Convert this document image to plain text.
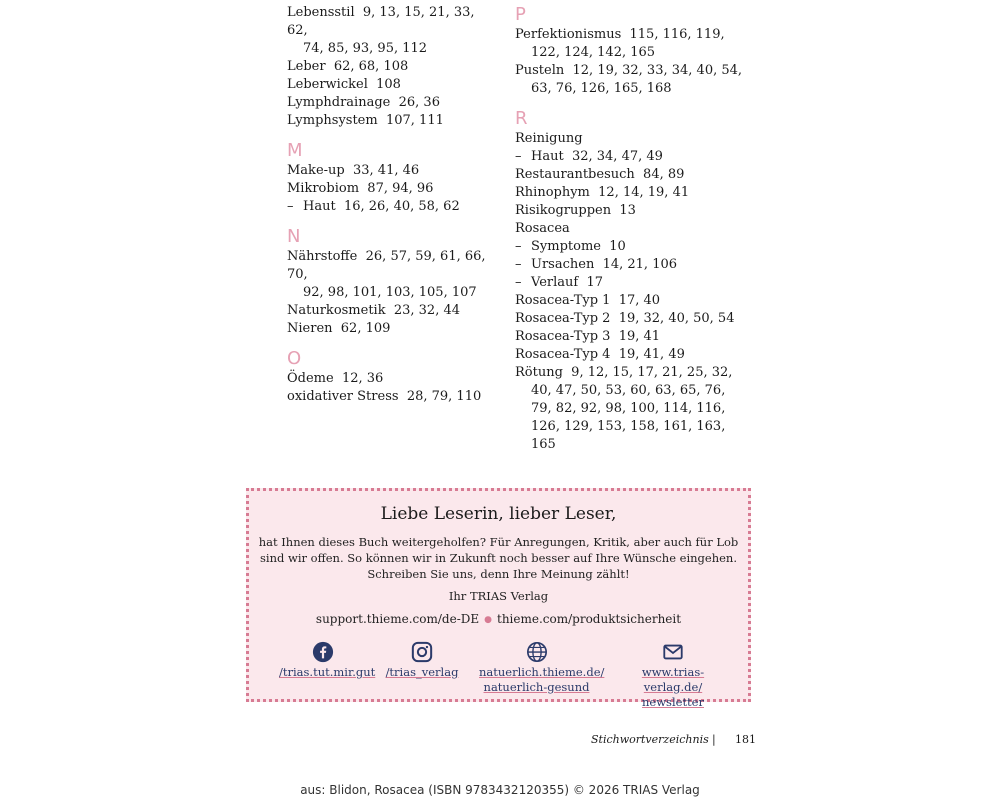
Lebensstil 9, 13, 15, 21, 33, 62,
74, 85, 93, 95, 112
Leber 62, 68, 108
Leberwickel 108
Lymphdrainage 26, 36
Lymphsystem 107, 111
M
Make-up 33, 41, 46
Mikrobiom 87, 94, 96
– Haut 16, 26, 40, 58, 62
N
Nährstoffe 26, 57, 59, 61, 66, 70,
92, 98, 101, 103, 105, 107
Naturkosmetik 23, 32, 44
Nieren 62, 109
O
Ödeme 12, 36
oxidativer Stress 28, 79, 110
P
Perfektionismus 115, 116, 119,
122, 124, 142, 165
Pusteln 12, 19, 32, 33, 34, 40, 54,
63, 76, 126, 165, 168
R
Reinigung
– Haut 32, 34, 47, 49
Restaurantbesuch 84, 89
Rhinophym 12, 14, 19, 41
Risikogruppen 13
Rosacea
– Symptome 10
– Ursachen 14, 21, 106
– Verlauf 17
Rosacea-Typ 1 17, 40
Rosacea-Typ 2 19, 32, 40, 50, 54
Rosacea-Typ 3 19, 41
Rosacea-Typ 4 19, 41, 49
Rötung 9, 12, 15, 17, 21, 25, 32,
40, 47, 50, 53, 60, 63, 65, 76,
79, 82, 92, 98, 100, 114, 116,
126, 129, 153, 158, 161, 163,
165
Liebe Leserin, lieber Leser,
hat Ihnen dieses Buch weitergeholfen? Für Anregungen, Kritik, aber auch für Lob
sind wir offen. So können wir in Zukunft noch besser auf Ihre Wünsche eingehen.
Schreiben Sie uns, denn Ihre Meinung zählt!
Ihr TRIAS Verlag
support.thieme.com/de-DE ● thieme.com/produktsicherheit
/trias.tut.mir.gut /trias_verlag	natuerlich.thieme.de/
natuerlich-gesund
www.trias-verlag.de/
newsletter
Stichwortverzeichnis | 181
aus: Blidon, Rosacea (ISBN 9783432120355) © 2026 TRIAS Verlag
